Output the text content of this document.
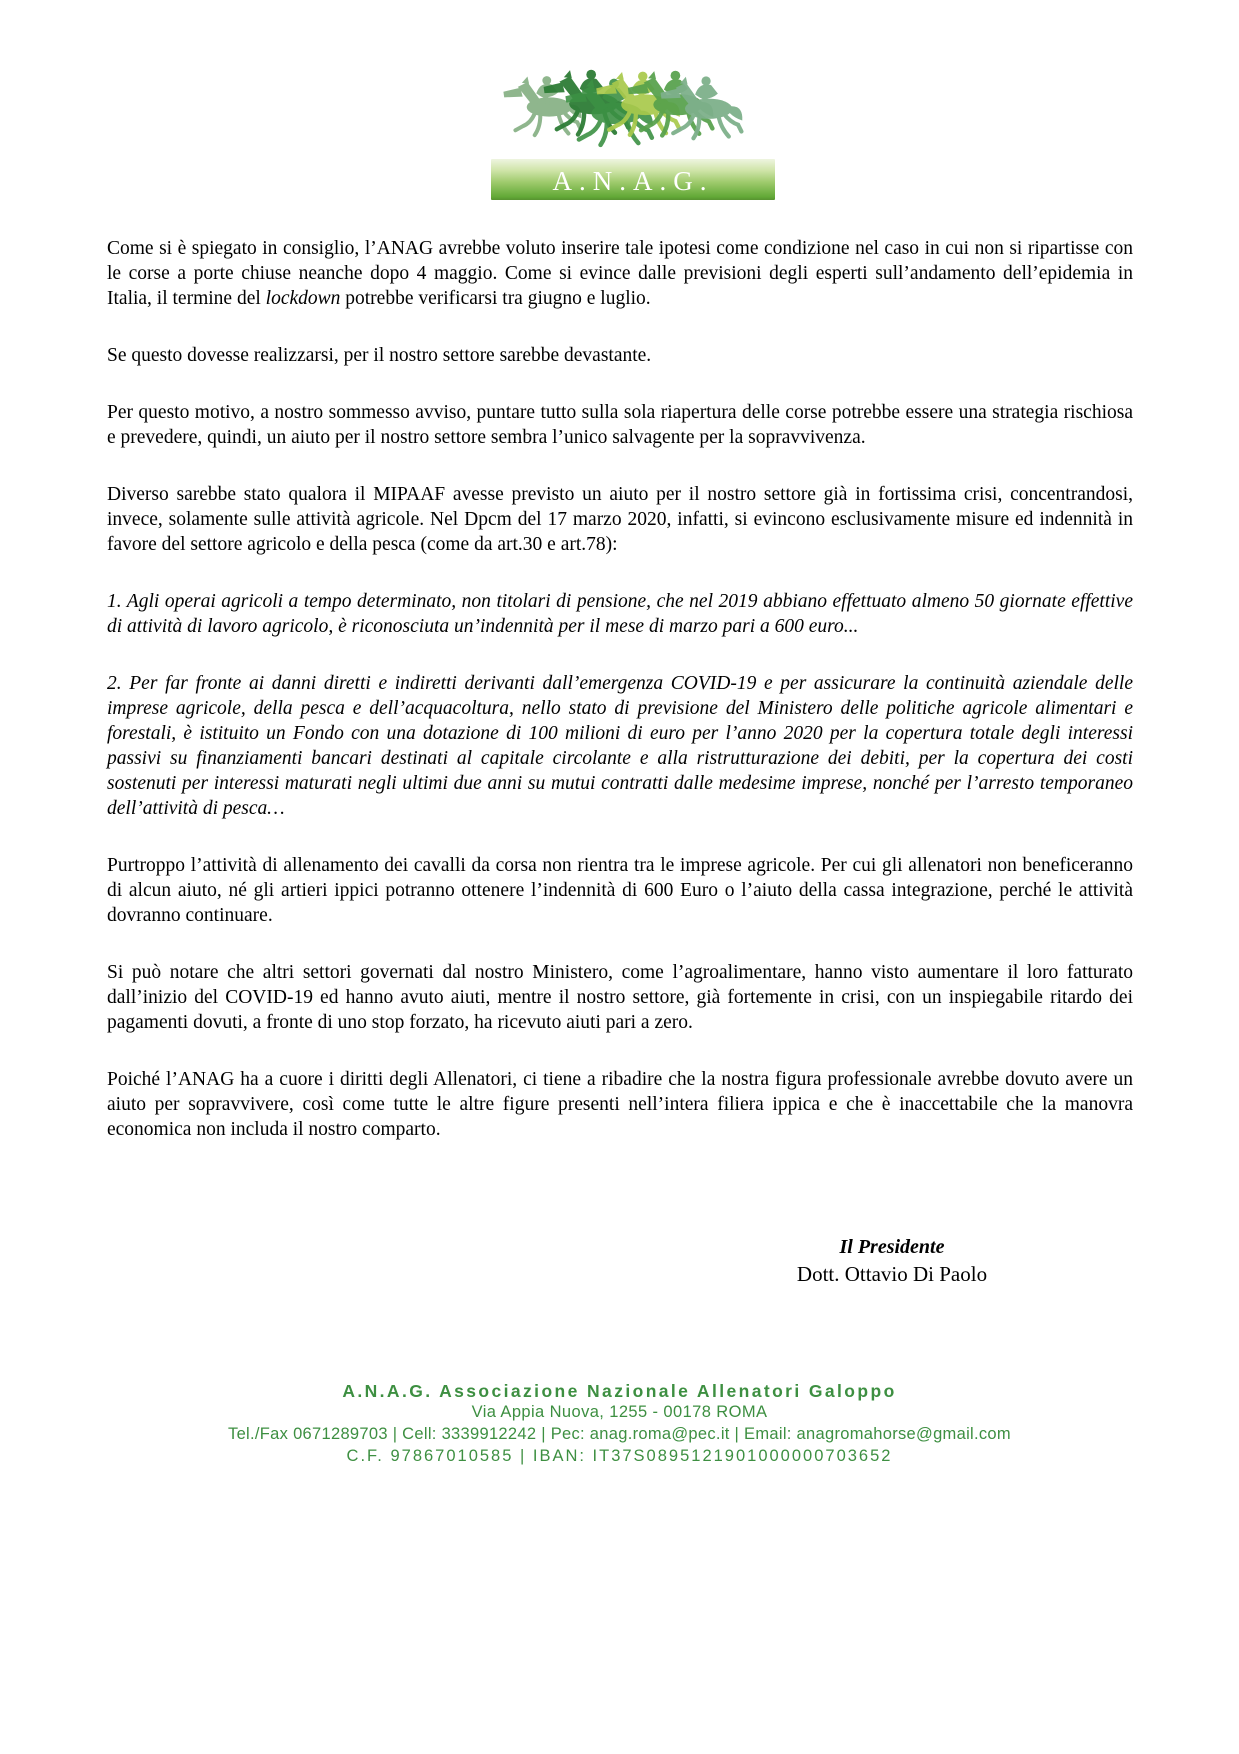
A.N.A.G.

Come si è spiegato in consiglio, l’ANAG avrebbe voluto inserire tale ipotesi come condizione nel caso in cui non si ripartisse con le corse a porte chiuse neanche dopo 4 maggio. Come si evince dalle previsioni degli esperti sull’andamento dell’epidemia in Italia, il termine del lockdown potrebbe verificarsi tra giugno e luglio.

Se questo dovesse realizzarsi, per il nostro settore sarebbe devastante.

Per questo motivo, a nostro sommesso avviso, puntare tutto sulla sola riapertura delle corse potrebbe essere una strategia rischiosa e prevedere, quindi, un aiuto per il nostro settore sembra l’unico salvagente per la sopravvivenza.

Diverso sarebbe stato qualora il MIPAAF avesse previsto un aiuto per il nostro settore già in fortissima crisi, concentrandosi, invece, solamente sulle attività agricole. Nel Dpcm del 17 marzo 2020, infatti, si evincono esclusivamente misure ed indennità in favore del settore agricolo e della pesca (come da art.30 e art.78):

1. Agli operai agricoli a tempo determinato, non titolari di pensione, che nel 2019 abbiano effettuato almeno 50 giornate effettive di attività di lavoro agricolo, è riconosciuta un’indennità per il mese di marzo pari a 600 euro...

2. Per far fronte ai danni diretti e indiretti derivanti dall’emergenza COVID-19 e per assicurare la continuità aziendale delle imprese agricole, della pesca e dell’acquacoltura, nello stato di previsione del Ministero delle politiche agricole alimentari e forestali, è istituito un Fondo con una dotazione di 100 milioni di euro per l’anno 2020 per la copertura totale degli interessi passivi su finanziamenti bancari destinati al capitale circolante e alla ristrutturazione dei debiti, per la copertura dei costi sostenuti per interessi maturati negli ultimi due anni su mutui contratti dalle medesime imprese, nonché per l’arresto temporaneo dell’attività di pesca…

Purtroppo l’attività di allenamento dei cavalli da corsa non rientra tra le imprese agricole. Per cui gli allenatori non beneficeranno di alcun aiuto, né gli artieri ippici potranno ottenere l’indennità di 600 Euro o l’aiuto della cassa integrazione, perché le attività dovranno continuare.

Si può notare che altri settori governati dal nostro Ministero, come l’agroalimentare, hanno visto aumentare il loro fatturato dall’inizio del COVID-19 ed hanno avuto aiuti, mentre il nostro settore, già fortemente in crisi, con un inspiegabile ritardo dei pagamenti dovuti, a fronte di uno stop forzato, ha ricevuto aiuti pari a zero.

Poiché l’ANAG ha a cuore i diritti degli Allenatori, ci tiene a ribadire che la nostra figura professionale avrebbe dovuto avere un aiuto per sopravvivere, così come tutte le altre figure presenti nell’intera filiera ippica e che è inaccettabile che la manovra economica non includa il nostro comparto.

Il Presidente
Dott. Ottavio Di Paolo
A.N.A.G. Associazione Nazionale Allenatori Galoppo
Via Appia Nuova, 1255 - 00178 ROMA
Tel./Fax 0671289703 | Cell: 3339912242 | Pec: anag.roma@pec.it | Email: anagromahorse@gmail.com
C.F. 97867010585 | IBAN: IT37S0895121901000000703652
